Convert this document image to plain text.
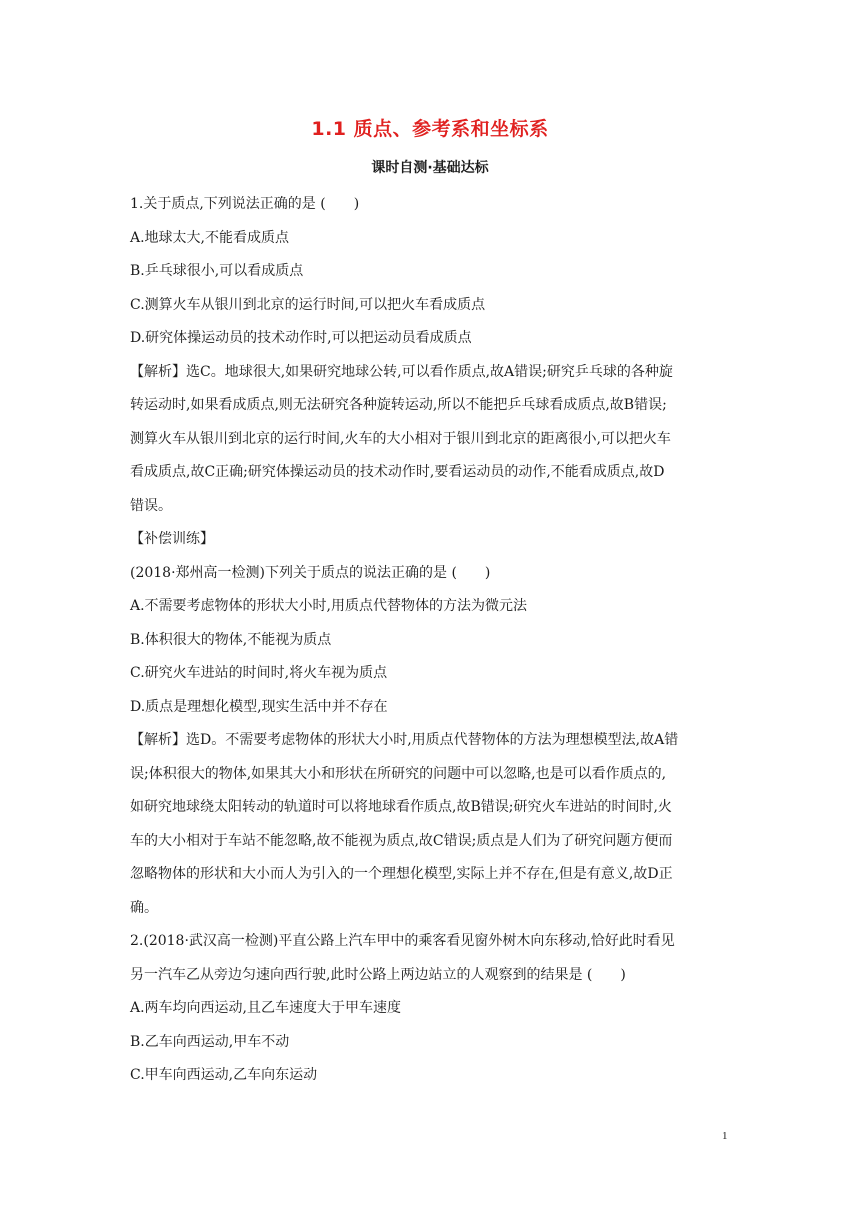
1.1 质点、参考系和坐标系
课时自测·基础达标
1.关于质点,下列说法正确的是 (　　)
A.地球太大,不能看成质点
B.乒乓球很小,可以看成质点
C.测算火车从银川到北京的运行时间,可以把火车看成质点
D.研究体操运动员的技术动作时,可以把运动员看成质点
【解析】选C。地球很大,如果研究地球公转,可以看作质点,故A错误;研究乒乓球的各种旋
转运动时,如果看成质点,则无法研究各种旋转运动,所以不能把乒乓球看成质点,故B错误;
测算火车从银川到北京的运行时间,火车的大小相对于银川到北京的距离很小,可以把火车
看成质点,故C正确;研究体操运动员的技术动作时,要看运动员的动作,不能看成质点,故D
错误。
【补偿训练】
(2018·郑州高一检测)下列关于质点的说法正确的是 (　　)
A.不需要考虑物体的形状大小时,用质点代替物体的方法为微元法
B.体积很大的物体,不能视为质点
C.研究火车进站的时间时,将火车视为质点
D.质点是理想化模型,现实生活中并不存在
【解析】选D。不需要考虑物体的形状大小时,用质点代替物体的方法为理想模型法,故A错
误;体积很大的物体,如果其大小和形状在所研究的问题中可以忽略,也是可以看作质点的,
如研究地球绕太阳转动的轨道时可以将地球看作质点,故B错误;研究火车进站的时间时,火
车的大小相对于车站不能忽略,故不能视为质点,故C错误;质点是人们为了研究问题方便而
忽略物体的形状和大小而人为引入的一个理想化模型,实际上并不存在,但是有意义,故D正
确。
2.(2018·武汉高一检测)平直公路上汽车甲中的乘客看见窗外树木向东移动,恰好此时看见
另一汽车乙从旁边匀速向西行驶,此时公路上两边站立的人观察到的结果是 (　　)
A.两车均向西运动,且乙车速度大于甲车速度
B.乙车向西运动,甲车不动
C.甲车向西运动,乙车向东运动
1
